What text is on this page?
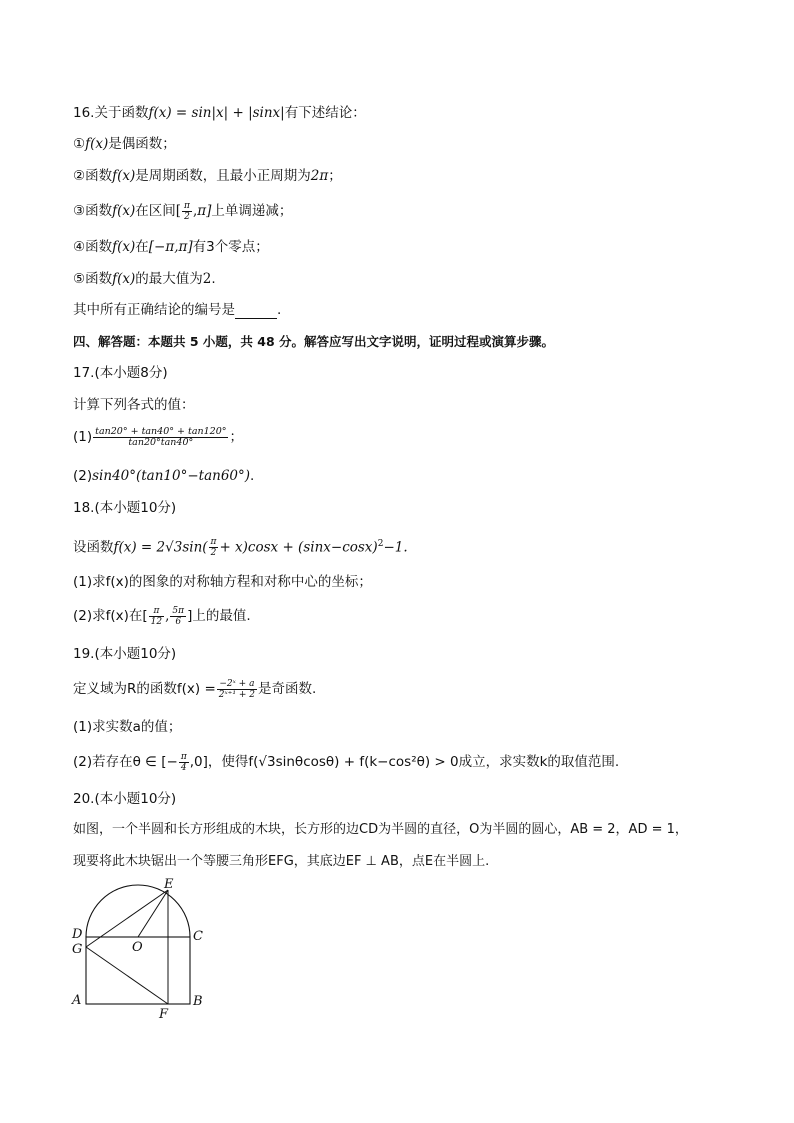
16.关于函数f(x) = sin|x| + |sinx|有下述结论：
①f(x)是偶函数；
②函数f(x)是周期函数，且最小正周期为2π；
③函数f(x)在区间[ $\frac{\pi}{2} ,\pi$]上单调递减；
④函数f(x)在[−π,π]有3个零点；
⑤函数f(x)的最大值为2.
其中所有正确结论的编号是	.
四、解答题：本题共 5 小题，共 48 分。解答应写出文字说明，证明过程或演算步骤。
17.(本小题8分)
计算下列各式的值：
$(1) \frac{\tan 20^\circ + \tan 40^\circ + \tan 120^\circ}{\tan 20^\circ\tan 40^\circ}$ ；
(2)sin40°(tan10°−tan60°).
18.(本小题10分)
设函数$f(x) = 2√3\sin( \frac{\pi}{2} + x)\cos x + (\sin x-\cos x)^2-1$.
(1)求f(x)的图象的对称轴方程和对称中心的坐标；
(2)求f(x)在[ $\frac{\pi}{12}$ , $\frac{5\pi}{6}$ ]上的最值.
19.(本小题10分)
定义域为R的函数$f(x) = \frac{\text{−2ˣ + a}}{\text{2ˣ⁺¹ + 2}}$ 是奇函数.
(1)求实数a的值；
(2)若存在θ ∈ [− $\frac{\pi}{4} ,0$]，使得f(√3sinθcosθ) + f(k−cos²θ) > 0成立，求实数k的取值范围.
20.(本小题10分)
如图，一个半圆和长方形组成的木块，长方形的边CD为半圆的直径，O为半圆的圆心，AB = 2，AD = 1，
现要将此木块锯出一个等腰三角形EFG，其底边EF ⊥ AB，点E在半圆上.
E
D	C
O
G
A	B
F
